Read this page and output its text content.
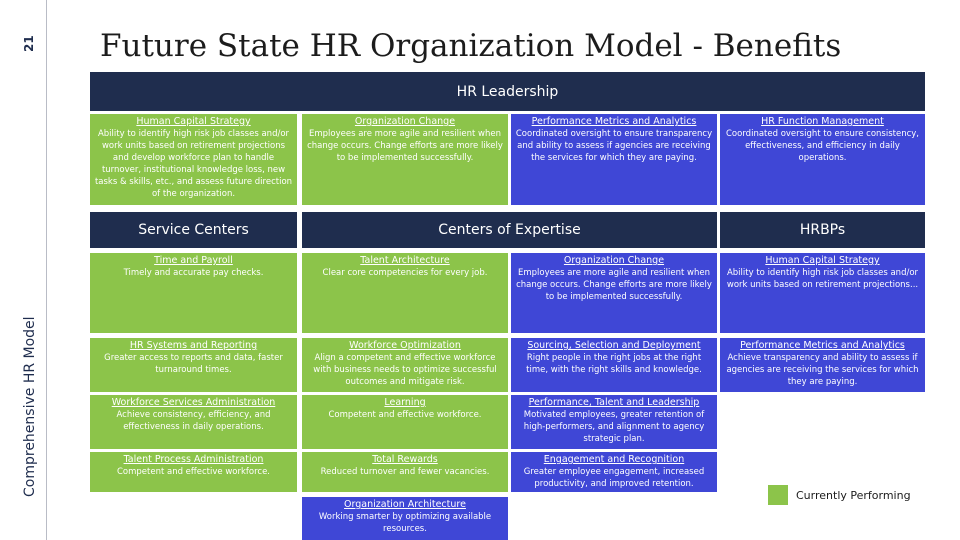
21
Comprehensive HR Model
Future State HR Organization Model - Benefits
HR Leadership
Human Capital Strategy
Ability to identify high risk job classes and/or work units based on retirement projections and develop workforce plan to handle turnover, institutional knowledge loss, new tasks & skills, etc., and assess future direction of the organization.
Organization Change
Employees are more agile and resilient when change occurs. Change efforts are more likely to be implemented successfully.
Performance Metrics and Analytics
Coordinated oversight to ensure transparency and ability to assess if agencies are receiving the services for which they are paying.
HR Function Management
Coordinated oversight to ensure consistency, effectiveness, and efficiency in daily operations.
Service Centers	Centers of Expertise	HRBPs
Time and Payroll
Timely and accurate pay checks.
HR Systems and Reporting
Greater access to reports and data, faster turnaround times.
Workforce Services Administration
Achieve consistency, efficiency, and effectiveness in daily operations.
Talent Process Administration
Competent and effective workforce.
Talent Architecture
Clear core competencies for every job.
Workforce Optimization
Align a competent and effective workforce with business needs to optimize successful outcomes and mitigate risk.
Learning
Competent and effective workforce.
Total Rewards
Reduced turnover and fewer vacancies.
Organization Architecture
Working smarter by optimizing available resources.
Organization Change
Employees are more agile and resilient when change occurs. Change efforts are more likely to be implemented successfully.
Sourcing, Selection and Deployment
Right people in the right jobs at the right time, with the right skills and knowledge.
Performance, Talent and Leadership
Motivated employees, greater retention of high-performers, and alignment to agency strategic plan.
Engagement and Recognition
Greater employee engagement, increased productivity, and improved retention.
Human Capital Strategy
Ability to identify high risk job classes and/or work units based on retirement projections...
Performance Metrics and Analytics
Achieve transparency and ability to assess if agencies are receiving the services for which they are paying.
Currently Performing
